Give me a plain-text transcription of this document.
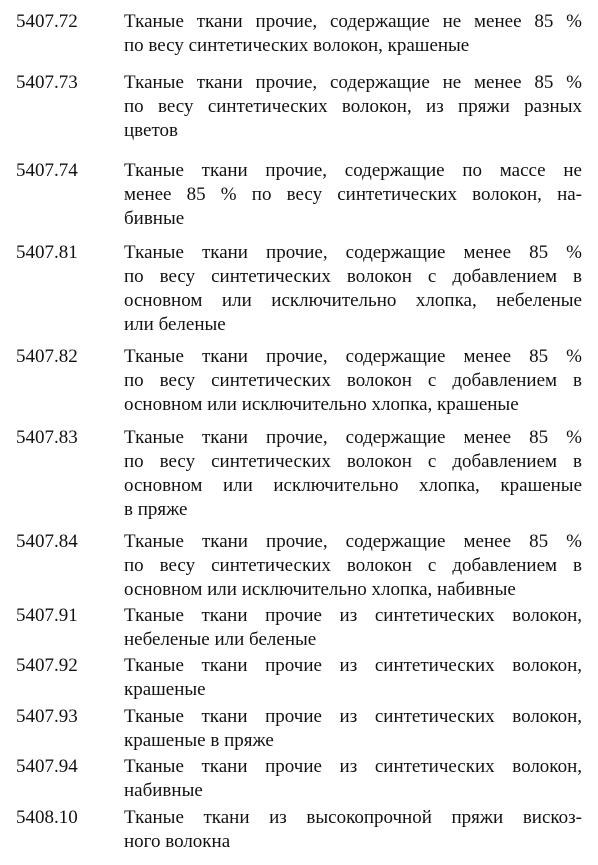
5407.72 Тканые ткани прочие, содержащие не менее 85 %
по весу синтетических волокон, крашеные
5407.73 Тканые ткани прочие, содержащие не менее 85 %
по весу синтетических волокон, из пряжи разных
цветов
5407.74 Тканые ткани прочие, содержащие по массе не
менее 85 % по весу синтетических волокон, на-
бивные
5407.81 Тканые ткани прочие, содержащие менее 85 %
по весу синтетических волокон с добавлением в
основном или исключительно хлопка, небеленые
или беленые
5407.82 Тканые ткани прочие, содержащие менее 85 %
по весу синтетических волокон с добавлением в
основном или исключительно хлопка, крашеные
5407.83 Тканые ткани прочие, содержащие менее 85 %
по весу синтетических волокон с добавлением в
основном или исключительно хлопка, крашеные
в пряже
5407.84 Тканые ткани прочие, содержащие менее 85 %
по весу синтетических волокон с добавлением в
основном или исключительно хлопка, набивные
5407.91 Тканые ткани прочие из синтетических волокон,
небеленые или беленые
5407.92 Тканые ткани прочие из синтетических волокон,
крашеные
5407.93 Тканые ткани прочие из синтетических волокон,
крашеные в пряже
5407.94 Тканые ткани прочие из синтетических волокон,
набивные
5408.10 Тканые ткани из высокопрочной пряжи вискоз-
ного волокна
